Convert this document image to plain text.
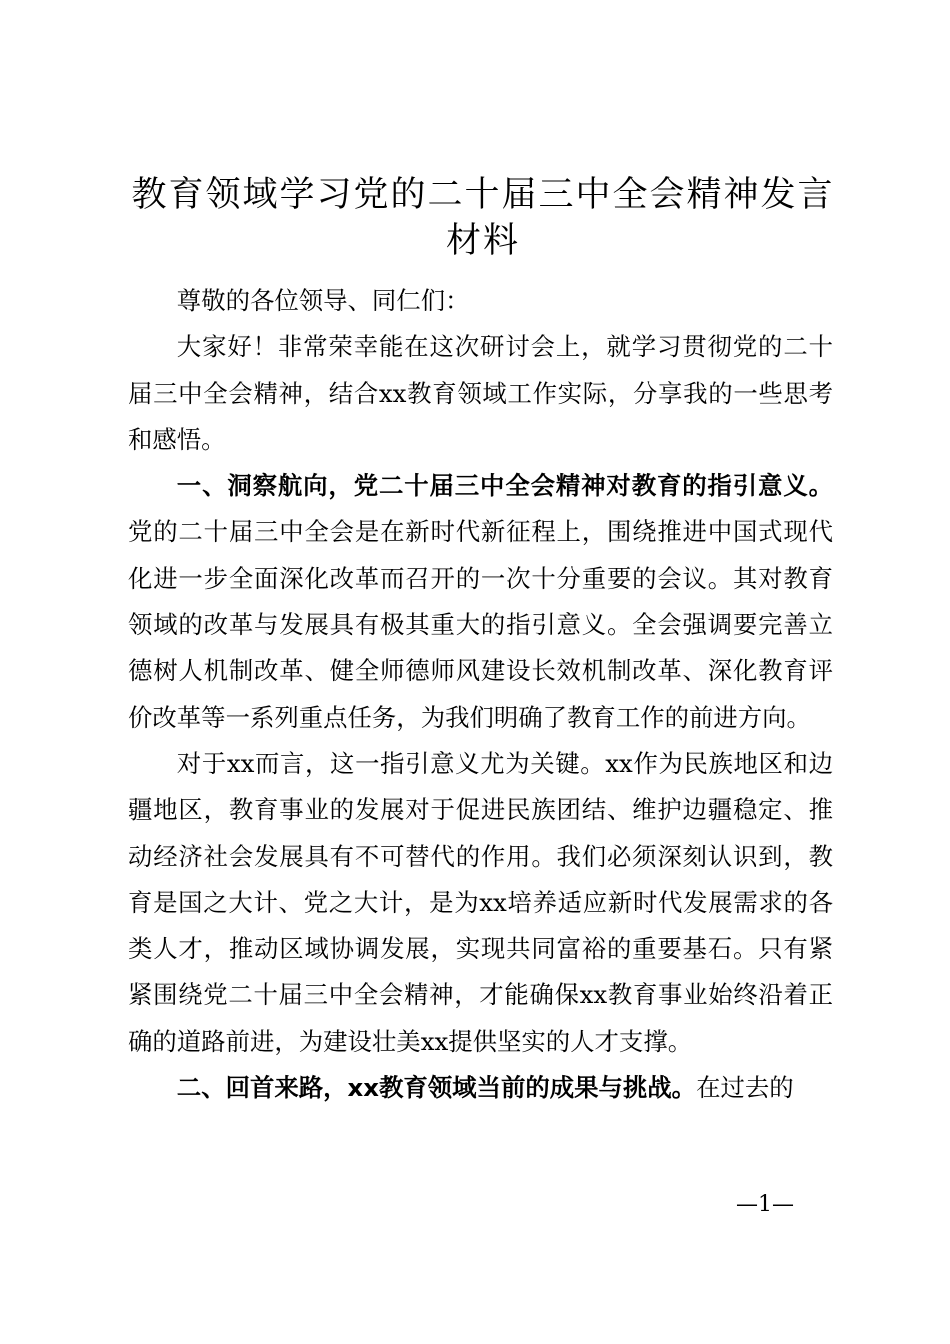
教育领域学习党的二十届三中全会精神发言材料

尊敬的各位领导、同仁们：

大家好！非常荣幸能在这次研讨会上，就学习贯彻党的二十届三中全会精神，结合xx教育领域工作实际，分享我的一些思考和感悟。

一、洞察航向，党二十届三中全会精神对教育的指引意义。党的二十届三中全会是在新时代新征程上，围绕推进中国式现代化进一步全面深化改革而召开的一次十分重要的会议。其对教育领域的改革与发展具有极其重大的指引意义。全会强调要完善立德树人机制改革、健全师德师风建设长效机制改革、深化教育评价改革等一系列重点任务，为我们明确了教育工作的前进方向。

对于xx而言，这一指引意义尤为关键。xx作为民族地区和边疆地区，教育事业的发展对于促进民族团结、维护边疆稳定、推动经济社会发展具有不可替代的作用。我们必须深刻认识到，教育是国之大计、党之大计，是为xx培养适应新时代发展需求的各类人才，推动区域协调发展，实现共同富裕的重要基石。只有紧紧围绕党二十届三中全会精神，才能确保xx教育事业始终沿着正确的道路前进，为建设壮美xx提供坚实的人才支撑。

二、回首来路，xx教育领域当前的成果与挑战。在过去的

—1—
